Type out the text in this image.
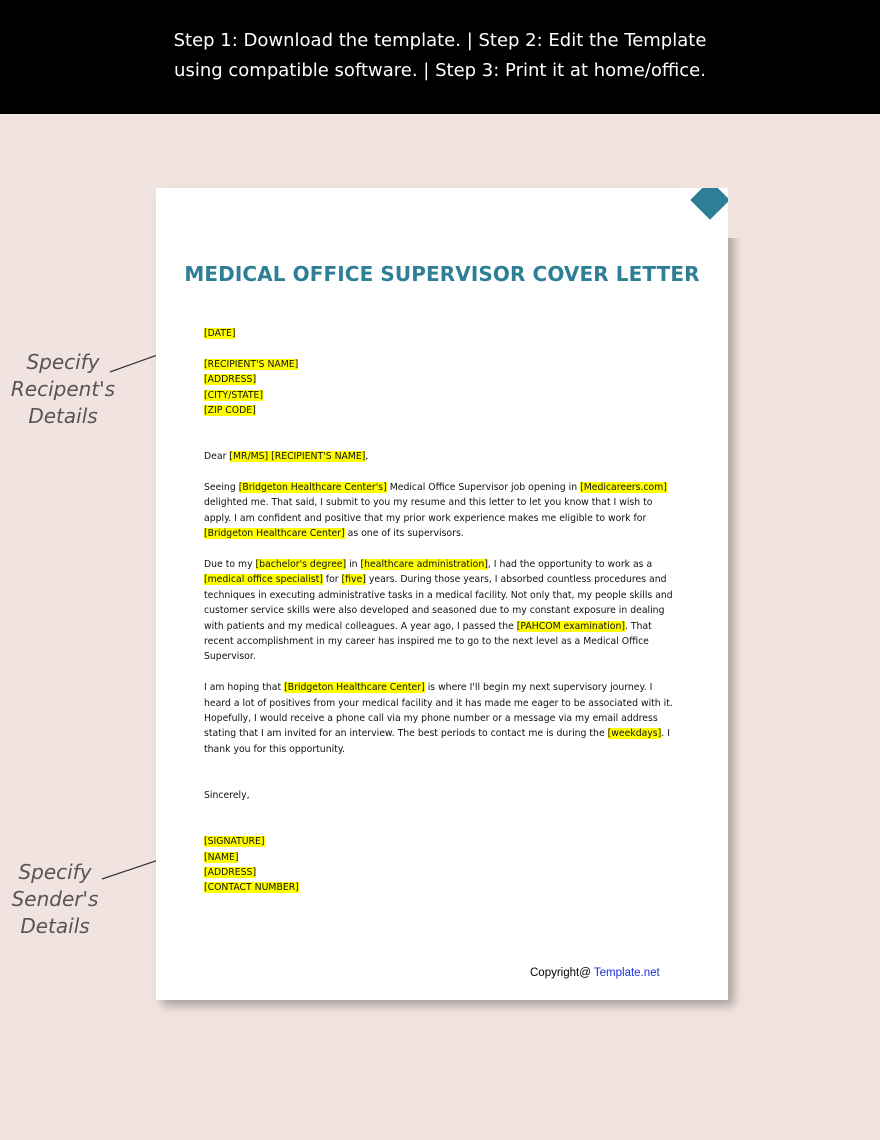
Step 1: Download the template. | Step 2: Edit the Template
using compatible software. | Step 3: Print it at home/office.
Specify
Recipent's
Details
Specify
Sender's
Details
MEDICAL OFFICE SUPERVISOR COVER LETTER

[DATE]

[RECIPIENT'S NAME]

[ADDRESS]

[CITY/STATE]

[ZIP CODE]

Dear [MR/MS] [RECIPIENT'S NAME],

Seeing [Bridgeton Healthcare Center's] Medical Office Supervisor job opening in [Medicareers.com] delighted me. That said, I submit to you my resume and this letter to let you know that I wish to apply. I am confident and positive that my prior work experience makes me eligible to work for [Bridgeton Healthcare Center] as one of its supervisors.

Due to my [bachelor's degree] in [healthcare administration], I had the opportunity to work as a [medical office specialist] for [five] years. During those years, I absorbed countless procedures and techniques in executing administrative tasks in a medical facility. Not only that, my people skills and customer service skills were also developed and seasoned due to my constant exposure in dealing with patients and my medical colleagues. A year ago, I passed the [PAHCOM examination]. That recent accomplishment in my career has inspired me to go to the next level as a Medical Office Supervisor.

I am hoping that [Bridgeton Healthcare Center] is where I'll begin my next supervisory journey. I heard a lot of positives from your medical facility and it has made me eager to be associated with it. Hopefully, I would receive a phone call via my phone number or a message via my email address stating that I am invited for an interview. The best periods to contact me is during the [weekdays]. I thank you for this opportunity.

Sincerely,

[SIGNATURE]

[NAME]

[ADDRESS]

[CONTACT NUMBER]

Copyright@ Template.net
